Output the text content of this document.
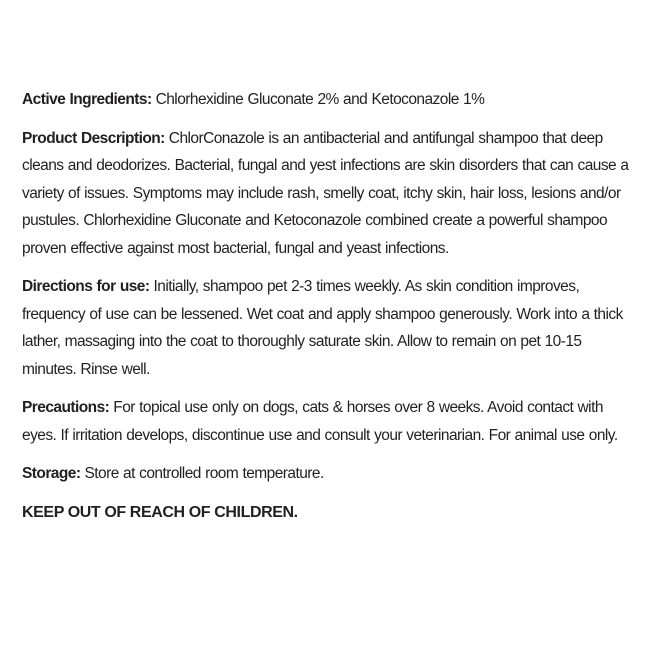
Active Ingredients: Chlorhexidine Gluconate 2% and Ketoconazole 1%

Product Description: ChlorConazole is an antibacterial and antifungal shampoo that deep cleans and deodorizes. Bacterial, fungal and yest infections are skin disorders that can cause a variety of issues. Symptoms may include rash, smelly coat, itchy skin, hair loss, lesions and/or pustules. Chlorhexidine Gluconate and Ketoconazole combined create a powerful shampoo proven effective against most bacterial, fungal and yeast infections.

Directions for use: Initially, shampoo pet 2-3 times weekly. As skin condition improves, frequency of use can be lessened. Wet coat and apply shampoo generously. Work into a thick lather, massaging into the coat to thoroughly saturate skin. Allow to remain on pet 10-15 minutes. Rinse well.

Precautions: For topical use only on dogs, cats & horses over 8 weeks. Avoid contact with eyes. If irritation develops, discontinue use and consult your veterinarian. For animal use only.

Storage: Store at controlled room temperature.

KEEP OUT OF REACH OF CHILDREN.
